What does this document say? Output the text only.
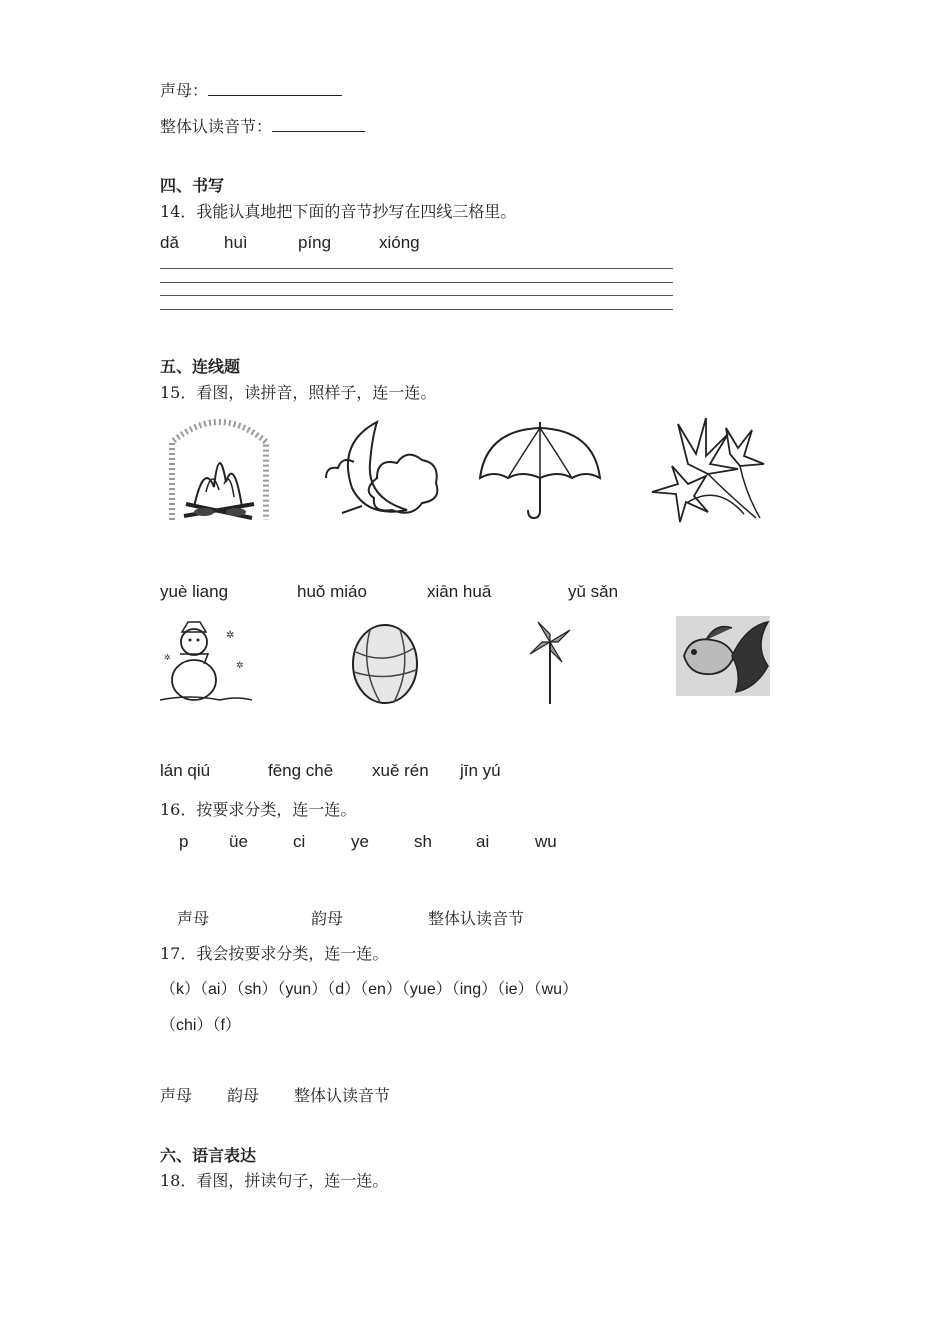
声母：
整体认读音节：
四、书写
14．我能认真地把下面的音节抄写在四线三格里。
dǎ	huì	píng	xióng
五、连线题
15．看图，读拼音，照样子，连一连。
yuè liang	huǒ miáo	xiān huā	yǔ sǎn
✲
✲
✲
lán qiú	fēng chē xuě rén jīn yú
16．按要求分类，连一连。
p üe	ci	ye	sh	ai	wu
声母	韵母	整体认读音节
17．我会按要求分类，连一连。
（k）（ai）（sh）（yun）（d）（en）（yue）（ing）（ie）（wu）
（chi）（f）
声母 韵母 整体认读音节
六、语言表达
18．看图，拼读句子，连一连。
